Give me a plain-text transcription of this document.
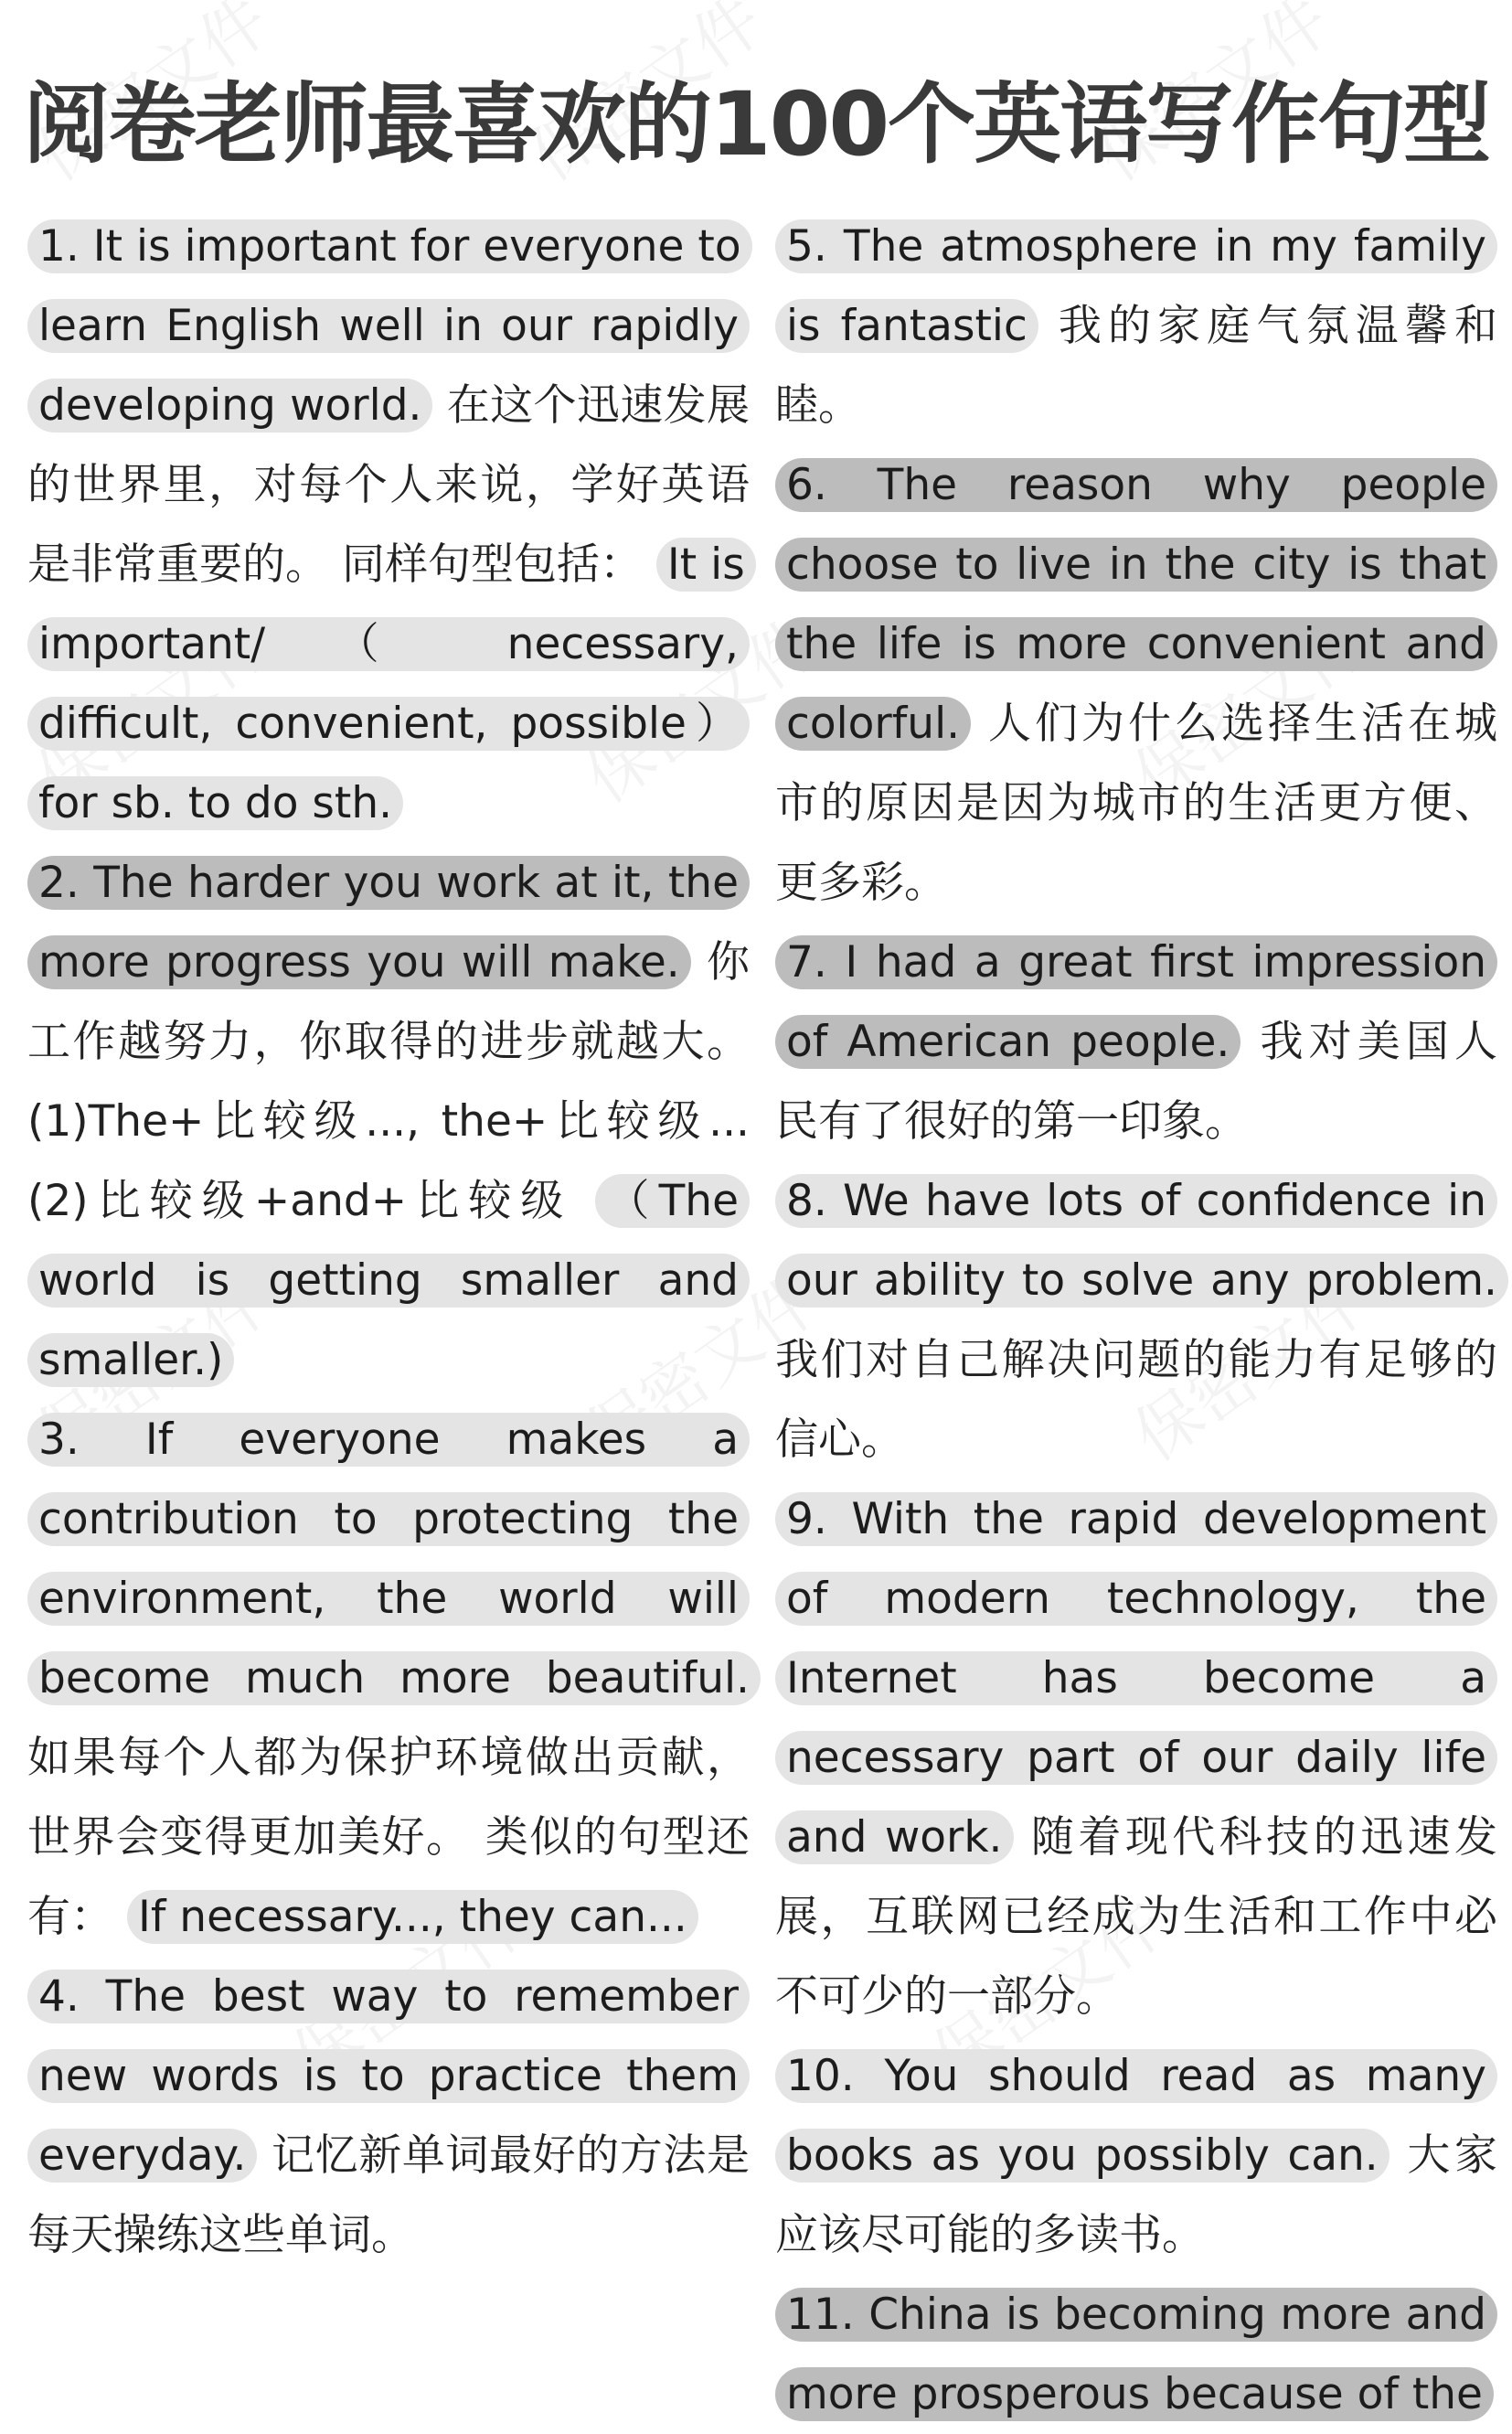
阅卷老师最喜欢的100个英语写作句型

1. It is important for everyone to learn English well in our rapidly developing world. 在这个迅速发展的世界里，对每个人来说，学好英语是非常重要的。 同样句型包括： It is important/ （ necessary, difficult, convenient, possible）for sb. to do sth.

2. The harder you work at it, the more progress you will make. 你工作越努力，你取得的进步就越大。(1)The+比较级..., the+比较级... (2)比较级+and+比较级 （The world is getting smaller and smaller.)

3. If everyone makes a contribution to protecting the environment, the world will become much more beautiful. 如果每个人都为保护环境做出贡献，世界会变得更加美好。 类似的句型还有： If necessary..., they can...

4. The best way to remember new words is to practice them everyday. 记忆新单词最好的方法是每天操练这些单词。

5. The atmosphere in my family is fantastic 我的家庭气氛温馨和睦。

6. The reason why people choose to live in the city is that the life is more convenient and colorful. 人们为什么选择生活在城市的原因是因为城市的生活更方便、更多彩。

7. I had a great first impression of American people. 我对美国人民有了很好的第一印象。

8. We have lots of confidence in our ability to solve any problem. 我们对自己解决问题的能力有足够的信心。

9. With the rapid development of modern technology, the Internet has become a necessary part of our daily life and work. 随着现代科技的迅速发展，互联网已经成为生活和工作中必不可少的一部分。

10. You should read as many books as you possibly can. 大家应该尽可能的多读书。

11. China is becoming more and more prosperous because of the
